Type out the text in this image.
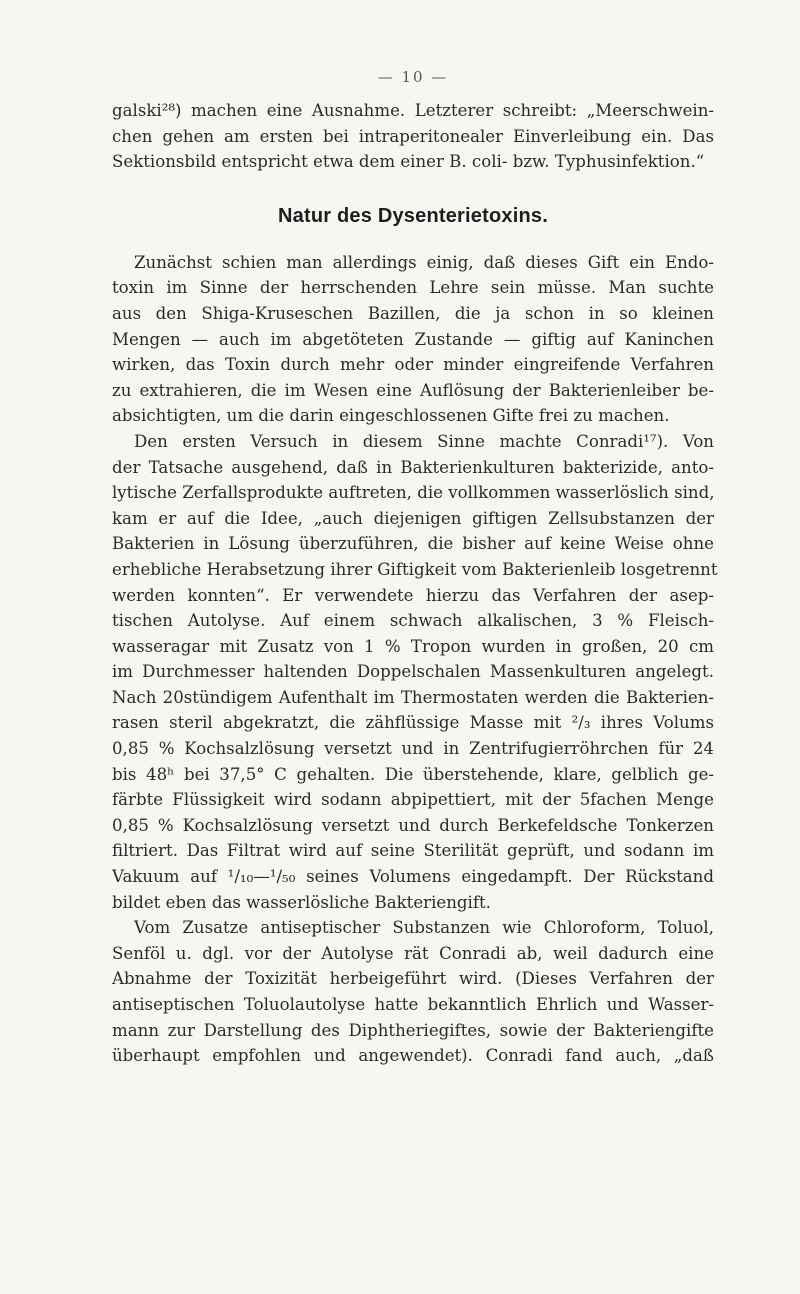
— 10 —
galski²⁸) machen eine Ausnahme. Letzterer schreibt: „Meerschwein-
chen gehen am ersten bei intraperitonealer Einverleibung ein. Das
Sektionsbild entspricht etwa dem einer B. coli- bzw. Typhusinfektion.“
Natur des Dysenterietoxins.
Zunächst schien man allerdings einig, daß dieses Gift ein Endo-
toxin im Sinne der herrschenden Lehre sein müsse. Man suchte
aus den Shiga-Kruseschen Bazillen, die ja schon in so kleinen
Mengen — auch im abgetöteten Zustande — giftig auf Kaninchen
wirken, das Toxin durch mehr oder minder eingreifende Verfahren
zu extrahieren, die im Wesen eine Auflösung der Bakterienleiber be-
absichtigten, um die darin eingeschlossenen Gifte frei zu machen.
Den ersten Versuch in diesem Sinne machte Conradi¹⁷). Von
der Tatsache ausgehend, daß in Bakterienkulturen bakterizide, anto-
lytische Zerfallsprodukte auftreten, die vollkommen wasserlöslich sind,
kam er auf die Idee, „auch diejenigen giftigen Zellsubstanzen der
Bakterien in Lösung überzuführen, die bisher auf keine Weise ohne
erhebliche Herabsetzung ihrer Giftigkeit vom Bakterienleib losgetrennt
werden konnten“. Er verwendete hierzu das Verfahren der asep-
tischen Autolyse. Auf einem schwach alkalischen, 3 % Fleisch-
wasseragar mit Zusatz von 1 % Tropon wurden in großen, 20 cm
im Durchmesser haltenden Doppelschalen Massenkulturen angelegt.
Nach 20stündigem Aufenthalt im Thermostaten werden die Bakterien-
rasen steril abgekratzt, die zähflüssige Masse mit ²/₃ ihres Volums
0,85 % Kochsalzlösung versetzt und in Zentrifugierröhrchen für 24
bis 48ʰ bei 37,5° C gehalten. Die überstehende, klare, gelblich ge-
färbte Flüssigkeit wird sodann abpipettiert, mit der 5fachen Menge
0,85 % Kochsalzlösung versetzt und durch Berkefeldsche Tonkerzen
filtriert. Das Filtrat wird auf seine Sterilität geprüft, und sodann im
Vakuum auf ¹/₁₀—¹/₅₀ seines Volumens eingedampft. Der Rückstand
bildet eben das wasserlösliche Bakteriengift.
Vom Zusatze antiseptischer Substanzen wie Chloroform, Toluol,
Senföl u. dgl. vor der Autolyse rät Conradi ab, weil dadurch eine
Abnahme der Toxizität herbeigeführt wird. (Dieses Verfahren der
antiseptischen Toluolautolyse hatte bekanntlich Ehrlich und Wasser-
mann zur Darstellung des Diphtheriegiftes, sowie der Bakteriengifte
überhaupt empfohlen und angewendet). Conradi fand auch, „daß
